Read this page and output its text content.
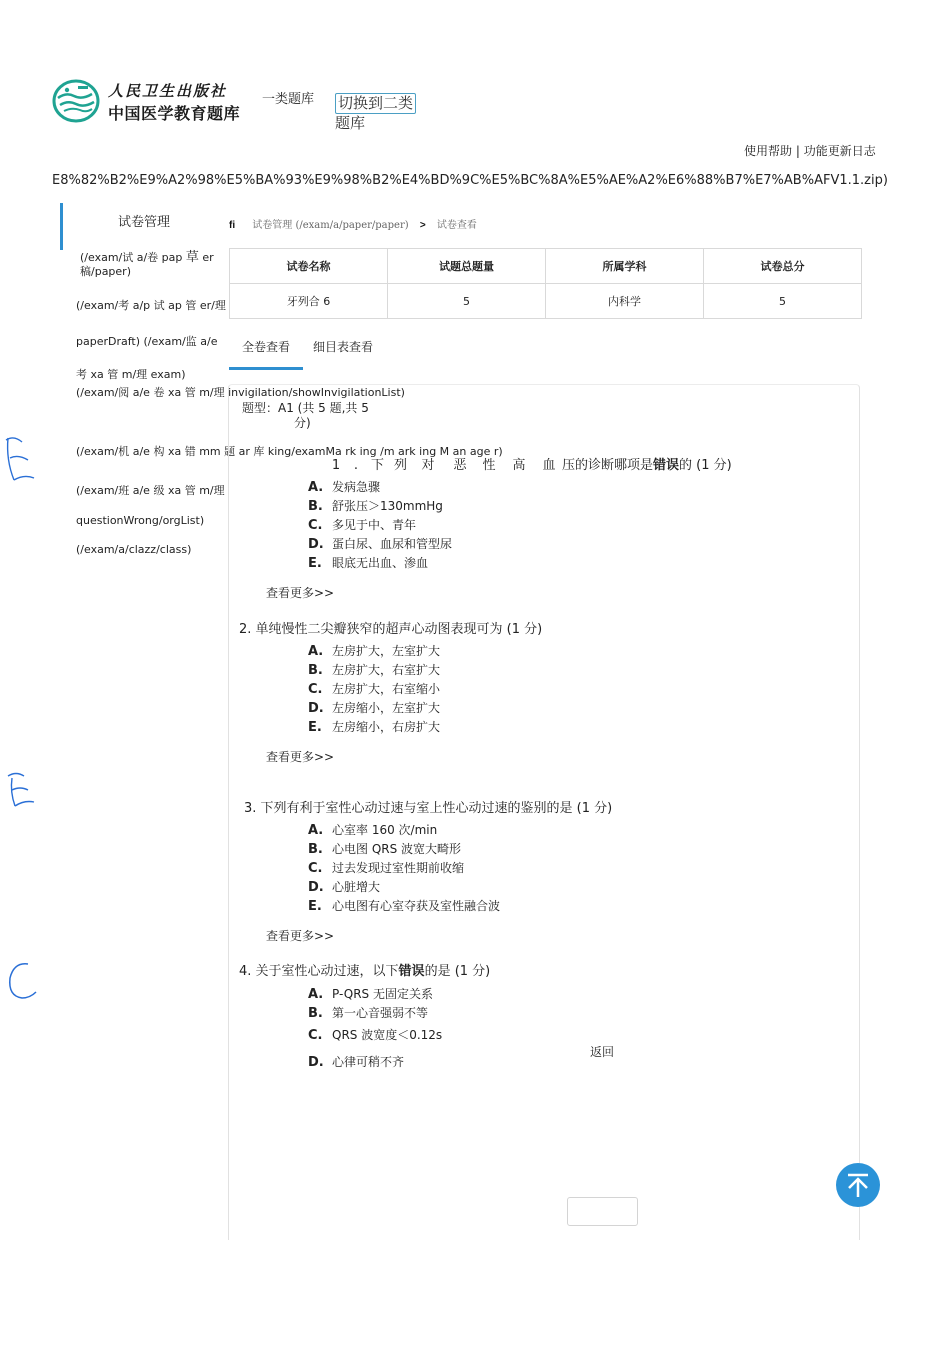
人民卫生出版社
中国医学教育题库
一类题库 切换到二类
题库
使用帮助 | 功能更新日志
E8%82%B2%E9%A2%98%E5%BA%93%E9%98%B2%E4%BD%9C%E5%BC%8A%E5%AE%A2%E6%88%B7%E7%AB%AFV1.1.zip)
试卷管理
(/exam/试 a/卷 pap 草 er
稿/paper)
(/exam/考 a/p 试 ap 管 er/理
paperDraft) (/exam/监 a/e
考 xa 管 m/理 exam)
(/exam/阅 a/e 卷 xa 管 m/理 invigilation/showInvigilationList)
(/exam/机 a/e 构 xa 错 mm 题 ar 库 king/examMa rk ing /m ark ing M an age r)
(/exam/班 a/e 级 xa 管 m/理
questionWrong/orgList)
(/exam/a/clazz/class)
fi 试卷管理 (/exam/a/paper/paper) > 试卷查看
试卷名称	试题总题量	所属学科	试卷总分
牙列合 6	5	内科学	5
全卷查看	细目表查看
题型：A1 (共 5 题,共 5
分)
1 . 下 列 对 恶 性 高 血 压的诊断哪项是错误的 (1 分)
A. 发病急骤
B. 舒张压＞130mmHg
C. 多见于中、青年
D. 蛋白尿、血尿和管型尿
E. 眼底无出血、渗血
查看更多>>
2. 单纯慢性二尖瓣狭窄的超声心动图表现可为 (1 分)
A. 左房扩大，左室扩大
B. 左房扩大，右室扩大
C. 左房扩大，右室缩小
D. 左房缩小，左室扩大
E. 左房缩小，右房扩大
查看更多>>
3. 下列有利于室性心动过速与室上性心动过速的鉴别的是 (1 分)
A. 心室率 160 次/min
B. 心电图 QRS 波宽大畸形
C. 过去发现过室性期前收缩
D. 心脏增大
E. 心电图有心室夺获及室性融合波
查看更多>>
4. 关于室性心动过速，以下错误的是 (1 分)
A. P-QRS 无固定关系
B. 第一心音强弱不等
C. QRS 波宽度＜0.12s
D. 心律可稍不齐
返回
